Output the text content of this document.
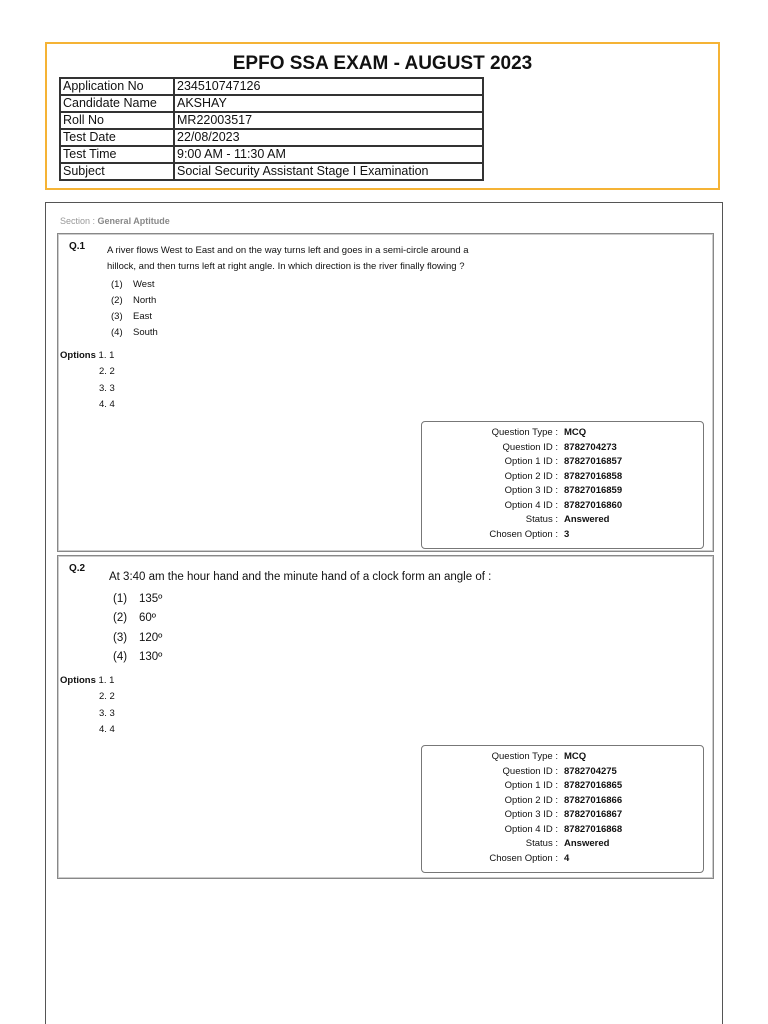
EPFO SSA EXAM - AUGUST 2023
Application No	234510747126
Candidate Name	AKSHAY
Roll No	MR22003517
Test Date	22/08/2023
Test Time	9:00 AM - 11:30 AM
Subject	Social Security Assistant Stage I Examination
Section : General Aptitude
Q.1 A river flows West to East and on the way turns left and goes in a semi-circle around a
hillock, and then turns left at right angle. In which direction is the river finally flowing ?
(1) West
(2) North
(3) East
(4) South
Question Type : MCQ
Question ID : 8782704273
Option 1 ID : 87827016857
Option 2 ID : 87827016858
Option 3 ID : 87827016859
Option 4 ID : 87827016860
Status : Answered
Chosen Option : 3
Options 1. 1
2. 2
3. 3
4. 4
Q.2
At 3:40 am the hour hand and the minute hand of a clock form an angle of :
(1) 135º
(2) 60º
(3) 120º
(4) 130º
Question Type : MCQ
Question ID : 8782704275
Option 1 ID : 87827016865
Option 2 ID : 87827016866
Option 3 ID : 87827016867
Option 4 ID : 87827016868
Status : Answered
Chosen Option : 4
Options 1. 1
2. 2
3. 3
4. 4
